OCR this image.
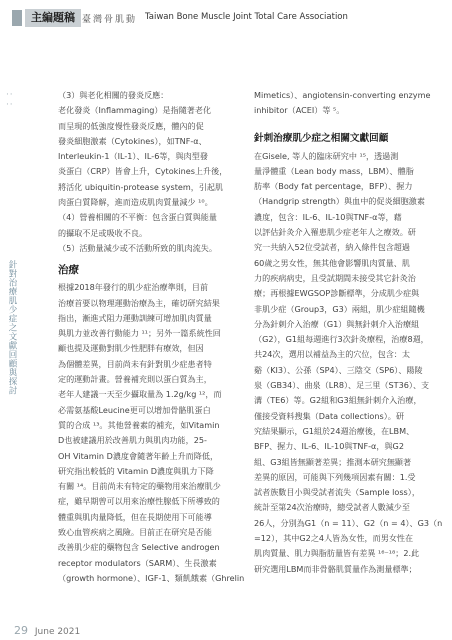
主編題稿 臺灣骨肌動 Taiwan Bone Muscle Joint Total Care Association
· · · ·
針對治療肌少症之文獻回顧與探討
（3）與老化相關的發炎反應：
老化發炎（Inflammaging）是指隨著老化
而呈現的低強度慢性發炎反應，體內的促
發炎細胞激素（Cytokines），如TNF-α、
Interleukin-1（IL-1）、IL-6等，與肉型發
炎蛋白（CRP）皆會上升，Cytokines上升後，
將活化 ubiquitin-protease system，引起肌
肉蛋白質降解，進而造成肌肉質量減少 ¹⁰。
（4）營養相關的不平衡：包含蛋白質與能量
的攝取不足或吸收不良。
（5）活動量減少或不活動所致的肌肉流失。
治療
根據2018年發行的肌少症治療準則，目前
治療首要以物理運動治療為主，確切研究結果
指出，漸進式阻力運動訓練可增加肌肉質量
與肌力並改善行動能力 ¹¹；另外一篇系統性回
顧也提及運動對肌少性肥胖有療效，但因
為個體差異，目前尚未有針對肌少症患者特
定的運動計畫。營養補充則以蛋白質為主，
老年人建議一天至少攝取量為 1.2g/kg ¹²，而
必需氨基酸Leucine更可以增加骨骼肌蛋白
質的合成 ¹³。其他營養素的補充，如Vitamin
D也被建議用於改善肌力與肌肉功能，25-
OH Vitamin D濃度會隨著年齡上升而降低，
研究指出較低的 Vitamin D濃度與肌力下降
有關 ¹⁴。目前尚未有特定的藥物用來治療肌少
症，雖早期曾可以用來治療性腺低下所導致的
體重與肌肉量降低，但在長期使用下可能導
致心血管疾病之風險。目前正在研究是否能
改善肌少症的藥物包含 Selective androgen
receptor modulators（SARM）、生長激素
（growth hormone）、IGF-1、類飢餓素（Ghrelin
Mimetics）、angiotensin-converting enzyme
inhibitor（ACEI）等 ⁵。
針刺治療肌少症之相關文獻回顧
在Gisele, 等人的臨床研究中 ¹⁵，透過測
量淨體重（Lean body mass，LBM）、體脂
肪率（Body fat percentage，BFP）、握力
（Handgrip strength）與血中的促炎細胞激素
濃度，包含：IL-6、IL-10與TNF-α等，藉
以評估針灸介入罹患肌少症老年人之療效。研
究一共納入52位受試者，納入條件包含超過
60歲之男女性，無其他會影響肌肉質量、肌
力的疾病病史，且受試期間未接受其它針灸治
療；再根據EWGSOP診斷標準，分成肌少症與
非肌少症（Group3，G3）兩組，肌少症組隨機
分為針刺介入治療（G1）與無針刺介入治療組
（G2），G1組每週進行3次針灸療程，治療8週，
共24次，選用以補益為主的穴位，包含：太
谿（KI3）、公孫（SP4）、三陰交（SP6）、陽陵
泉（GB34）、曲泉（LR8）、足三里（ST36）、支
溝（TE6）等。G2組和G3組無針刺介入治療，
僅接受資料搜集（Data collections）。研
究結果顯示，G1組於24週治療後，在LBM、
BFP、握力、IL-6、IL-10與TNF-α，與G2
組、G3組皆無顯著差異；推測本研究無顯著
差異的原因，可能與下列幾項因素有關：1.受
試者族數目小與受試者流失（Sample loss），
統計至第24次治療時，總受試者人數減少至
26人，分別為G1（n = 11）、G2（n = 4）、G3（n
=12），其中G2之4人皆為女性，而男女性在
肌肉質量、肌力與脂肪量皆有差異 ¹⁶⁻¹⁸；2.此
研究選用LBM而非骨骼肌質量作為測量標準；
29 June 2021
